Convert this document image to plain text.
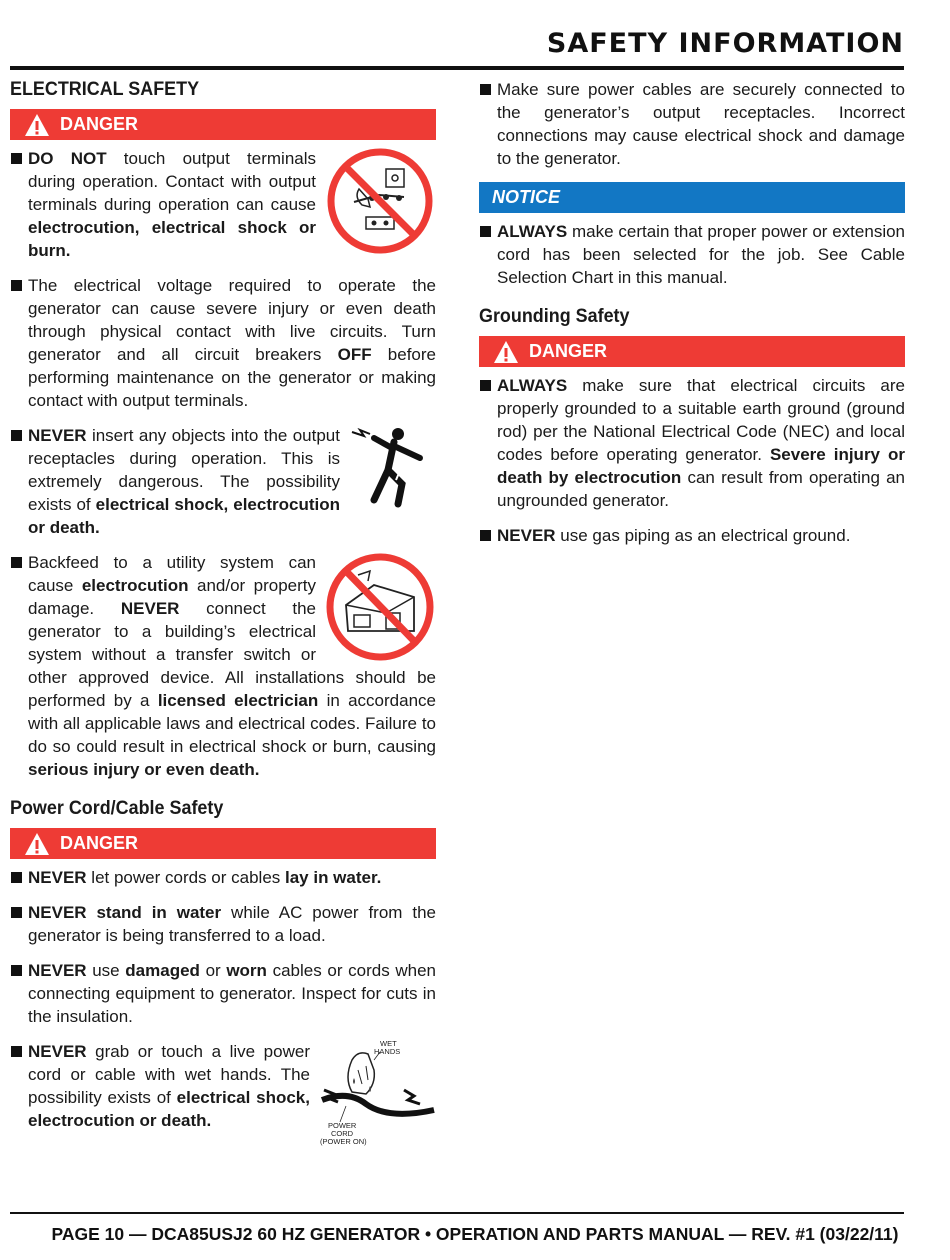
SAFETY INFORMATION
ELECTRICAL SAFETY
DANGER
DO NOT touch output terminals during operation. Contact with output terminals during operation can cause electrocution, electrical shock or burn.
The electrical voltage required to operate the generator can cause severe injury or even death through physical contact with live circuits. Turn generator and all circuit breakers OFF before performing maintenance on the generator or making contact with output terminals.
NEVER insert any objects into the output receptacles during operation. This is extremely dangerous. The possibility exists of electrical shock, electrocution or death.
Backfeed to a utility system can cause electrocution and/or property damage. NEVER connect the generator to a building’s electrical system without a transfer switch or other approved device. All installations should be performed by a licensed electrician in accordance with all applicable laws and electrical codes. Failure to do so could result in electrical shock or burn, causing serious injury or even death.
Power Cord/Cable Safety
DANGER
NEVER let power cords or cables lay in water.
NEVER stand in water while AC power from the generator is being transferred to a load.
NEVER use damaged or worn cables or cords when connecting equipment to generator. Inspect for cuts in the insulation.
WET
HANDS
POWER
CORD
(POWER ON)
NEVER grab or touch a live power cord or cable with wet hands. The possibility exists of electrical shock, electrocution or death.
Make sure power cables are securely connected to the generator’s output receptacles. Incorrect connections may cause electrical shock and damage to the generator.
NOTICE
ALWAYS make certain that proper power or extension cord has been selected for the job. See Cable Selection Chart in this manual.
Grounding Safety
DANGER
ALWAYS make sure that electrical circuits are properly grounded to a suitable earth ground (ground rod) per the National Electrical Code (NEC) and local codes before operating generator. Severe injury or death by electrocution can result from operating an ungrounded generator.
NEVER use gas piping as an electrical ground.
PAGE 10 — DCA85USJ2 60 HZ GENERATOR • OPERATION AND PARTS MANUAL — REV. #1 (03/22/11)
